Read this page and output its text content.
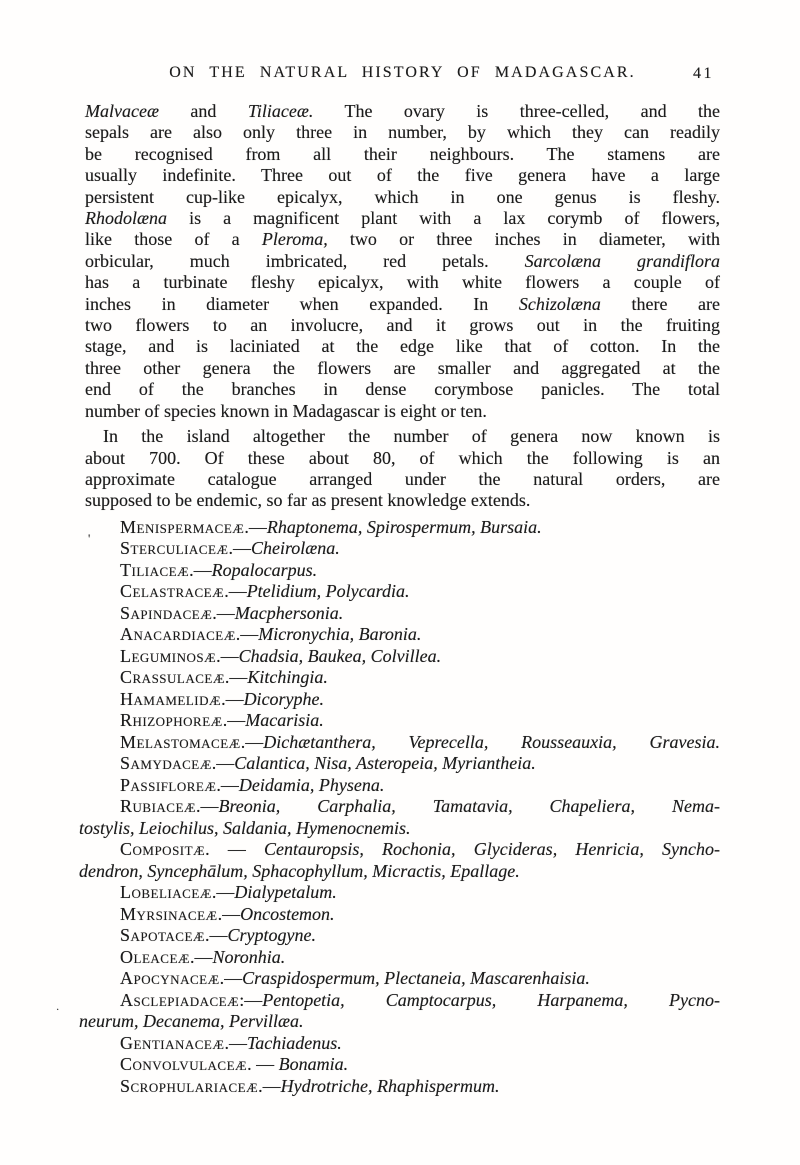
ON THE NATURAL HISTORY OF MADAGASCAR.	41
Malvaceæ and Tiliaceæ. The ovary is three-celled, and the
sepals are also only three in number, by which they can readily
be recognised from all their neighbours. The stamens are
usually indefinite. Three out of the five genera have a large
persistent cup-like epicalyx, which in one genus is fleshy.
Rhodolæna is a magnificent plant with a lax corymb of flowers,
like those of a Pleroma, two or three inches in diameter, with
orbicular, much imbricated, red petals. Sarcolæna grandiflora
has a turbinate fleshy epicalyx, with white flowers a couple of
inches in diameter when expanded. In Schizolæna there are
two flowers to an involucre, and it grows out in the fruiting
stage, and is laciniated at the edge like that of cotton. In the
three other genera the flowers are smaller and aggregated at the
end of the branches in dense corymbose panicles. The total
number of species known in Madagascar is eight or ten.
In the island altogether the number of genera now known is
about 700. Of these about 80, of which the following is an
approximate catalogue arranged under the natural orders, are
supposed to be endemic, so far as present knowledge extends.
Menispermaceæ.—Rhaptonema, Spirospermum, Bursaia.
Sterculiaceæ.—Cheirolæna.
Tiliaceæ.—Ropalocarpus.
Celastraceæ.—Ptelidium, Polycardia.
Sapindaceæ.—Macphersonia.
Anacardiaceæ.—Micronychia, Baronia.
Leguminosæ.—Chadsia, Baukea, Colvillea.
Crassulaceæ.—Kitchingia.
Hamamelidæ.—Dicoryphe.
Rhizophoreæ.—Macarisia.
Melastomaceæ.—Dichætanthera, Veprecella, Rousseauxia, Gravesia.
Samydaceæ.—Calantica, Nisa, Asteropeia, Myriantheia.
Passifloreæ.—Deidamia, Physena.
Rubiaceæ.—Breonia, Carphalia, Tamatavia, Chapeliera, Nema-
tostylis, Leiochilus, Saldania, Hymenocnemis.
Compositæ. — Centauropsis, Rochonia, Glycideras, Henricia, Syncho-
dendron, Syncephālum, Sphacophyllum, Micractis, Epallage.
Lobeliaceæ.—Dialypetalum.
Myrsinaceæ.—Oncostemon.
Sapotaceæ.—Cryptogyne.
Oleaceæ.—Noronhia.
Apocynaceæ.—Craspidospermum, Plectaneia, Mascarenhaisia.
Asclepiadaceæ:—Pentopetia, Camptocarpus, Harpanema, Pycno-
neurum, Decanema, Pervillæa.
Gentianaceæ.—Tachiadenus.
Convolvulaceæ. — Bonamia.
Scrophulariaceæ.—Hydrotriche, Rhaphispermum.
'
·
